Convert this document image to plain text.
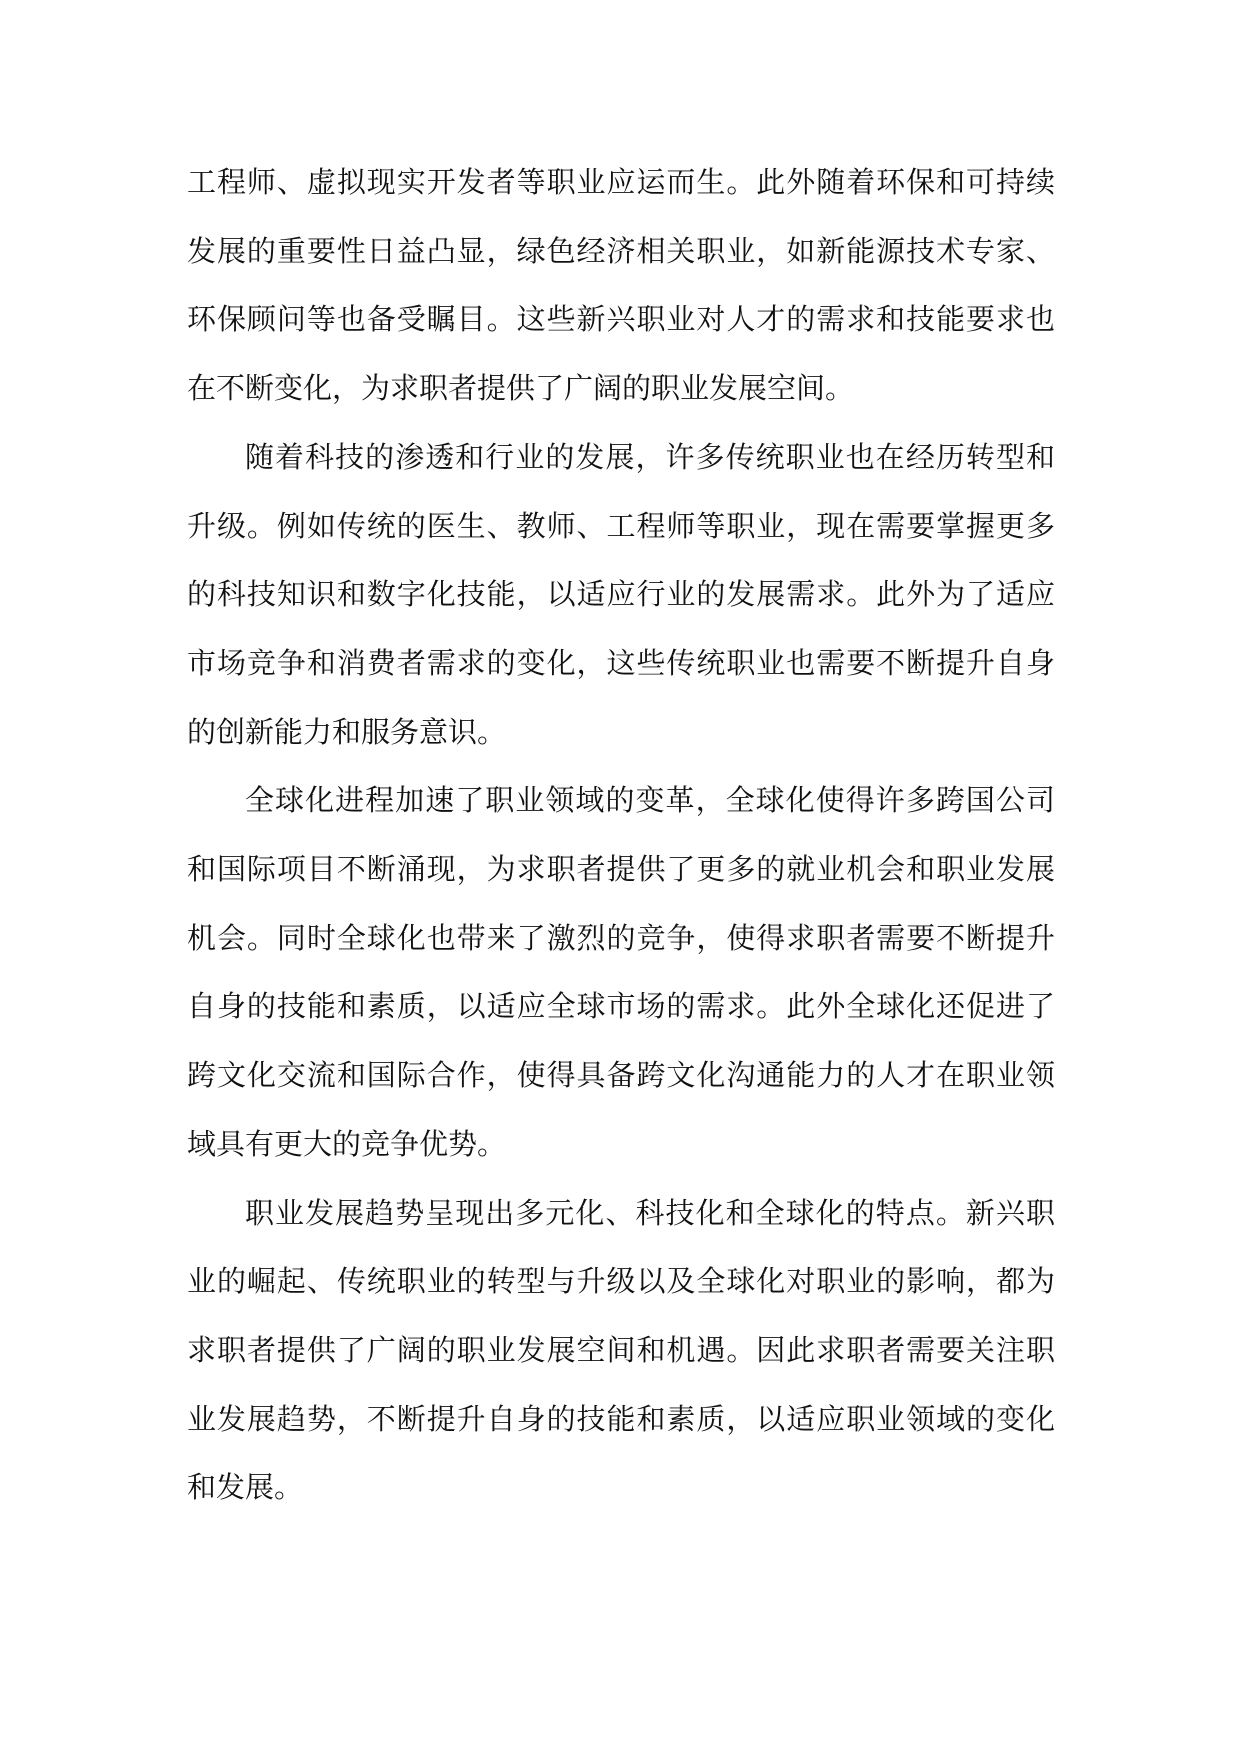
工程师、虚拟现实开发者等职业应运而生。此外随着环保和可持续发展的重要性日益凸显，绿色经济相关职业，如新能源技术专家、环保顾问等也备受瞩目。这些新兴职业对人才的需求和技能要求也在不断变化，为求职者提供了广阔的职业发展空间。

随着科技的渗透和行业的发展，许多传统职业也在经历转型和升级。例如传统的医生、教师、工程师等职业，现在需要掌握更多的科技知识和数字化技能，以适应行业的发展需求。此外为了适应市场竞争和消费者需求的变化，这些传统职业也需要不断提升自身的创新能力和服务意识。

全球化进程加速了职业领域的变革，全球化使得许多跨国公司和国际项目不断涌现，为求职者提供了更多的就业机会和职业发展机会。同时全球化也带来了激烈的竞争，使得求职者需要不断提升自身的技能和素质，以适应全球市场的需求。此外全球化还促进了跨文化交流和国际合作，使得具备跨文化沟通能力的人才在职业领域具有更大的竞争优势。

职业发展趋势呈现出多元化、科技化和全球化的特点。新兴职业的崛起、传统职业的转型与升级以及全球化对职业的影响，都为求职者提供了广阔的职业发展空间和机遇。因此求职者需要关注职业发展趋势，不断提升自身的技能和素质，以适应职业领域的变化和发展。
